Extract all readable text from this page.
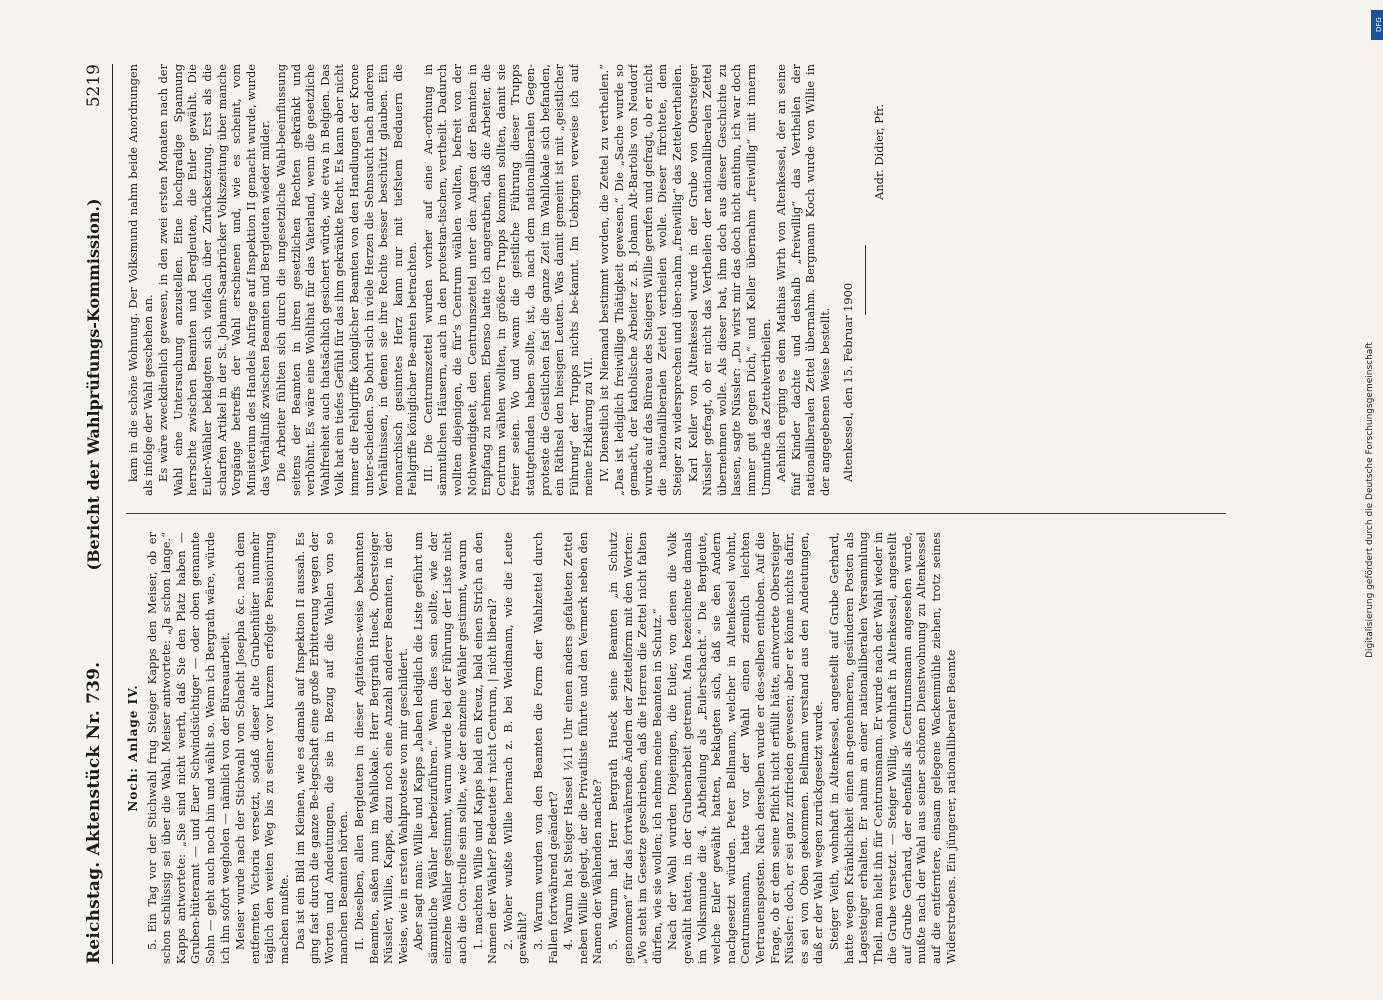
Reichstag. Aktenstück Nr. 739.
(Bericht der Wahlprüfungs-Kommission.)
5219
Noch: Anlage IV. 5. Ein Tag vor der Stichwahl frug Steiger Kapps den Meiser, ob er schon schlüssig sei über die Wahl. Meiser antwortete: „Ja schon lange.“ Kapps antwortete: „Sie sind nicht werth, daß Sie den Platz haben — Gruben-hüteramt — und Euer Schwindsüchtiger — oder oben genannte Sohn — geht auch noch hin und wählt so. Wenn ich Bergrath wäre, würde ich ihn sofort wegholen — nämlich von der Büreauarbeit. Meiser wurde nach der Stichwahl von Schacht Josepha &c. nach dem entfernten Victoria versetzt, sodaß dieser alte Grubenhüter nunmehr täglich den weiten Weg bis zu seiner vor kurzem erfolgte Pensionirung machen mußte. Das ist ein Bild im Kleinen, wie es damals auf Inspektion II aussah. Es ging fast durch die ganze Be-legschaft eine große Erbitterung wegen der Worten und Andeutungen, die sie in Bezug auf die Wahlen von so manchen Beamten hörten. II. Dieselben, allen Bergleuten in dieser Agitations-weise bekannten Beamten, saßen nun im Wahllokale. Herr Bergrath Hueck, Obersteiger Nüssler, Willie, Kapps, dazu noch eine Anzahl anderer Beamten, in der Weise, wie in ersten Wahlproteste von mir geschildert. Aber sagt man: Willie und Kapps „haben lediglich die Liste geführt um sämmtliche Wähler herbeizuführen.“ Wenn dies sein sollte, wie der einzelne Wähler gestimmt, warum wurde bei der Führung der Liste nicht auch die Con-trolle sein sollte, wie der einzelne Wähler gestimmt, warum 1. machten Willie und Kapps bald ein Kreuz, bald einen Strich an den Namen der Wähler? Bedeutete † nicht Centrum, | nicht liberal? 2. Woher wußte Willie hernach z. B. bei Weidmann, wie die Leute gewählt? 3. Warum wurden von den Beamten die Form der Wahlzettel durch Fallen fortwährend geändert? 4. Warum hat Steiger Hassel ½11 Uhr einen anders gefalteten Zettel neben Willie gelegt, der die Privatliste führte und den Vermerk neben den Namen der Wählenden machte? 5. Warum hat Herr Bergrath Hueck seine Beamten „in Schutz genommen“ für das fortwährende Ändern der Zettelform mit den Worten: „Wo steht im Gesetze geschrieben, daß die Herren die Zettel nicht falten dürfen, wie sie wollen; ich nehme meine Beamten in Schutz.“ Nach der Wahl wurden Diejenigen, die Euler, von denen die Volk gewählt hatten, in der Grubenarbeit getrennt. Man bezeichnete damals im Volksmunde die 4. Abtheilung als „Eulerschacht.“ Die Bergleute, welche Euler gewählt hatten, beklagten sich, daß sie den Andern nachgesetzt würden. Peter Bellmann, welcher in Altenkessel wohnt, Centrumsmann, hatte vor der Wahl einen ziemlich leichten Vertrauensposten. Nach derselben wurde er des-selben enthoben. Auf die Frage, ob er dem seine Pflicht nicht erfüllt hätte, antwortete Obersteiger Nüssler: doch, er sei ganz zufrieden gewesen; aber er könne nichts dafür, es sei von Oben gekommen. Bellmann verstand aus den Andeutungen, daß er der Wahl wegen zurückgesetzt wurde. Steiger Veith, wohnhaft in Altenkessel, angestellt auf Grube Gerhard, hatte wegen Kränklichkeit einen an-genehmeren, gesünderen Posten als Lagesteiger erhalten. Er nahm an einer nationalliberalen Versammlung Theil. man hielt ihn für Centrumsmann. Er wurde nach der Wahl wieder in die Grube versetzt. — Steiger Willig, wohnhaft in Altenkessel, angestellt auf Grube Gerhard, der ebenfalls als Centrumsmann angesehen wurde, mußte nach der Wahl aus seiner schönen Dienstwohnung zu Altenkessel auf die entferntere, einsam gelegene Wackenmühle ziehen, trotz seines Widerstrebens. Ein jüngerer, nationalliberaler Beamte

kam in die schöne Wohnung. Der Volksmund nahm beide Anordnungen als infolge der Wahl geschehen an. Es wäre zweckdienlich gewesen, in den zwei ersten Monaten nach der Wahl eine Untersuchung anzustellen. Eine hochgradige Spannung herrschte zwischen Beamten und Bergleuten, die Euler gewählt. Die Euler-Wähler beklagten sich vielfach über Zurücksetzung. Erst als die scharfen Artikel in der St. Johann-Saarbrücker Volkszeitung über manche Vorgänge betreffs der Wahl erschienen und, wie es scheint, vom Ministerium des Handels Anfrage auf Inspektion II gemacht wurde, wurde das Verhältniß zwischen Beamten und Bergleuten wieder milder. Die Arbeiter fühlten sich durch die ungesetzliche Wahl-beeinflussung seitens der Beamten in ihren gesetzlichen Rechten gekränkt und verhöhnt. Es wäre eine Wohlthat für das Vaterland, wenn die gesetzliche Wahlfreiheit auch thatsächlich gesichert würde, wie etwa in Belgien. Das Volk hat ein tiefes Gefühl für das ihm gekränkte Recht. Es kann aber nicht immer die Fehlgriffe königlicher Beamten von den Handlungen der Krone unter-scheiden. So bohrt sich in viele Herzen die Sehnsucht nach anderen Verhältnissen, in denen sie ihre Rechte besser beschützt glauben. Ein monarchisch gesinntes Herz kann nur mit tiefstem Bedauern die Fehlgriffe königlicher Be-amten betrachten. III. Die Centrumszettel wurden vorher auf eine An-ordnung in sämmtlichen Häusern, auch in den protestan-tischen, vertheilt. Dadurch wollten diejenigen, die für's Centrum wählen wollten, befreit von der Nothwendigkeit, den Centrumszettel unter den Augen der Beamten in Empfang zu nehmen. Ebenso hatte ich angerathen, daß die Arbeiter, die Centrum wählen wollten, in größere Trupps kommen sollten, damit sie freier seien. Wo und wann die geistliche Führung dieser Trupps stattgefunden haben sollte, ist, da nach dem nationalliberalen Gegen-proteste die Geistlichen fast die ganze Zeit im Wahllokale sich befanden, ein Räthsel den hiesigen Leuten. Was damit gemeint ist mit „geistlicher Führung“ der Trupps nichts be-kannt. Im Uebrigen verweise ich auf meine Erklärung zu VII. IV. Dienstlich ist Niemand bestimmt worden, die Zettel zu vertheilen.“ „Das ist lediglich freiwillige Thätigkeit gewesen.“ Die „Sache wurde so gemacht, der katholische Arbeiter z. B. Johann Alt-Bartolis von Neudorf wurde auf das Büreau des Steigers Willie gerufen und gefragt, ob er nicht die nationalliberalen Zettel vertheilen wolle. Dieser fürchtete, dem Steiger zu widersprechen und über-nahm „freiwillig“ das Zettelvertheilen. Karl Keller von Altenkessel wurde in der Grube von Obersteiger Nüssler gefragt, ob er nicht das Vertheilen der nationalliberalen Zettel übernehmen wolle. Als dieser bat, ihm doch aus dieser Geschichte zu lassen, sagte Nüssler: „Du wirst mir das doch nicht anthun, ich war doch immer gut gegen Dich,“ und Keller übernahm „freiwillig“ mit innerm Unmuthe das Zettelvertheilen. Aehnlich erging es dem Mathias Wirth von Altenkessel, der an seine fünf Kinder dachte und deshalb „freiwillig“ das Vertheilen der nationalliberalen Zettel übernahm. Bergmann Koch wurde von Willie in der angegebenen Weise bestellt. Altenkessel, den 15. Februar 1900
Andr. Didier, Pfr.
DFG
Digitalisierung gefördert durch die Deutsche Forschungsgemeinschaft
